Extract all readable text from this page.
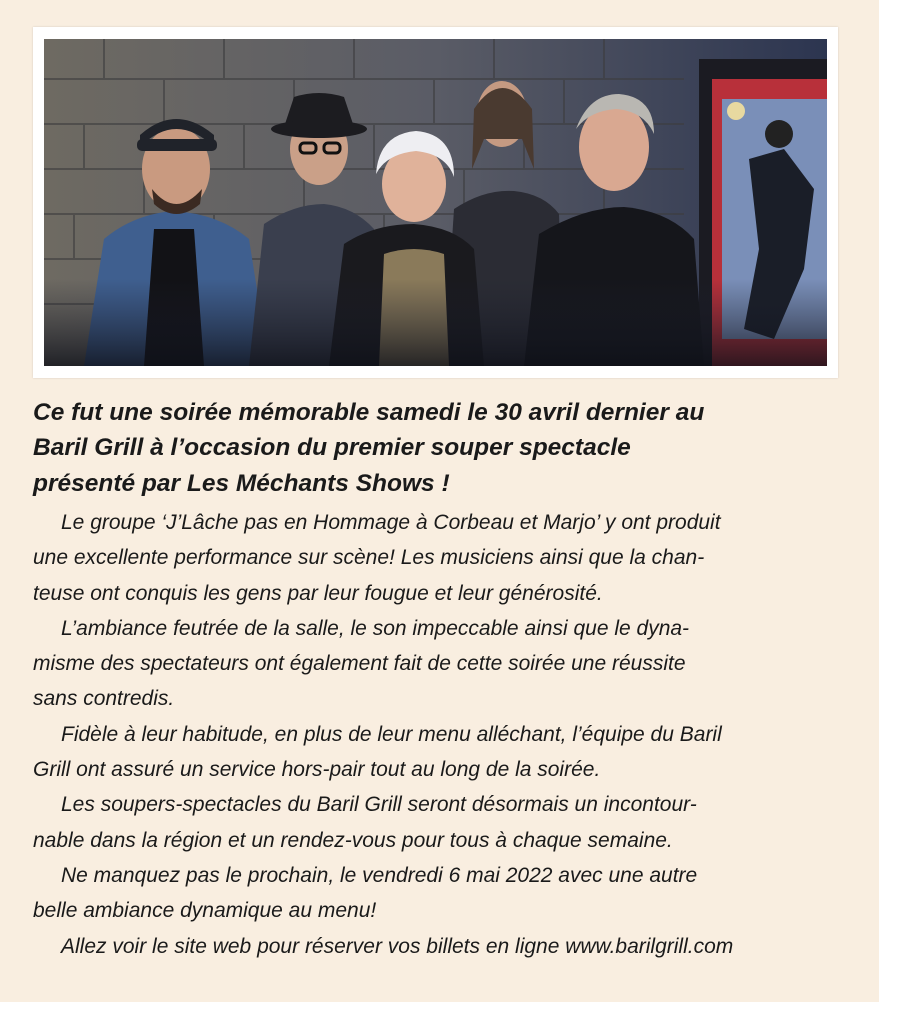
Ce fut une soirée mémorable samedi le 30 avril dernier au
Baril Grill à l’occasion du premier souper spectacle
présenté par Les Méchants Shows !
Le groupe ‘J’Lâche pas en Hommage à Corbeau et Marjo’ y ont produit
une excellente performance sur scène! Les musiciens ainsi que la chan-
teuse ont conquis les gens par leur fougue et leur générosité.
L’ambiance feutrée de la salle, le son impeccable ainsi que le dyna-
misme des spectateurs ont également fait de cette soirée une réussite
sans contredis.
Fidèle à leur habitude, en plus de leur menu alléchant, l’équipe du Baril
Grill ont assuré un service hors-pair tout au long de la soirée.
Les soupers-spectacles du Baril Grill seront désormais un incontour-
nable dans la région et un rendez-vous pour tous à chaque semaine.
Ne manquez pas le prochain, le vendredi 6 mai 2022 avec une autre
belle ambiance dynamique au menu!
Allez voir le site web pour réserver vos billets en ligne www.barilgrill.com
